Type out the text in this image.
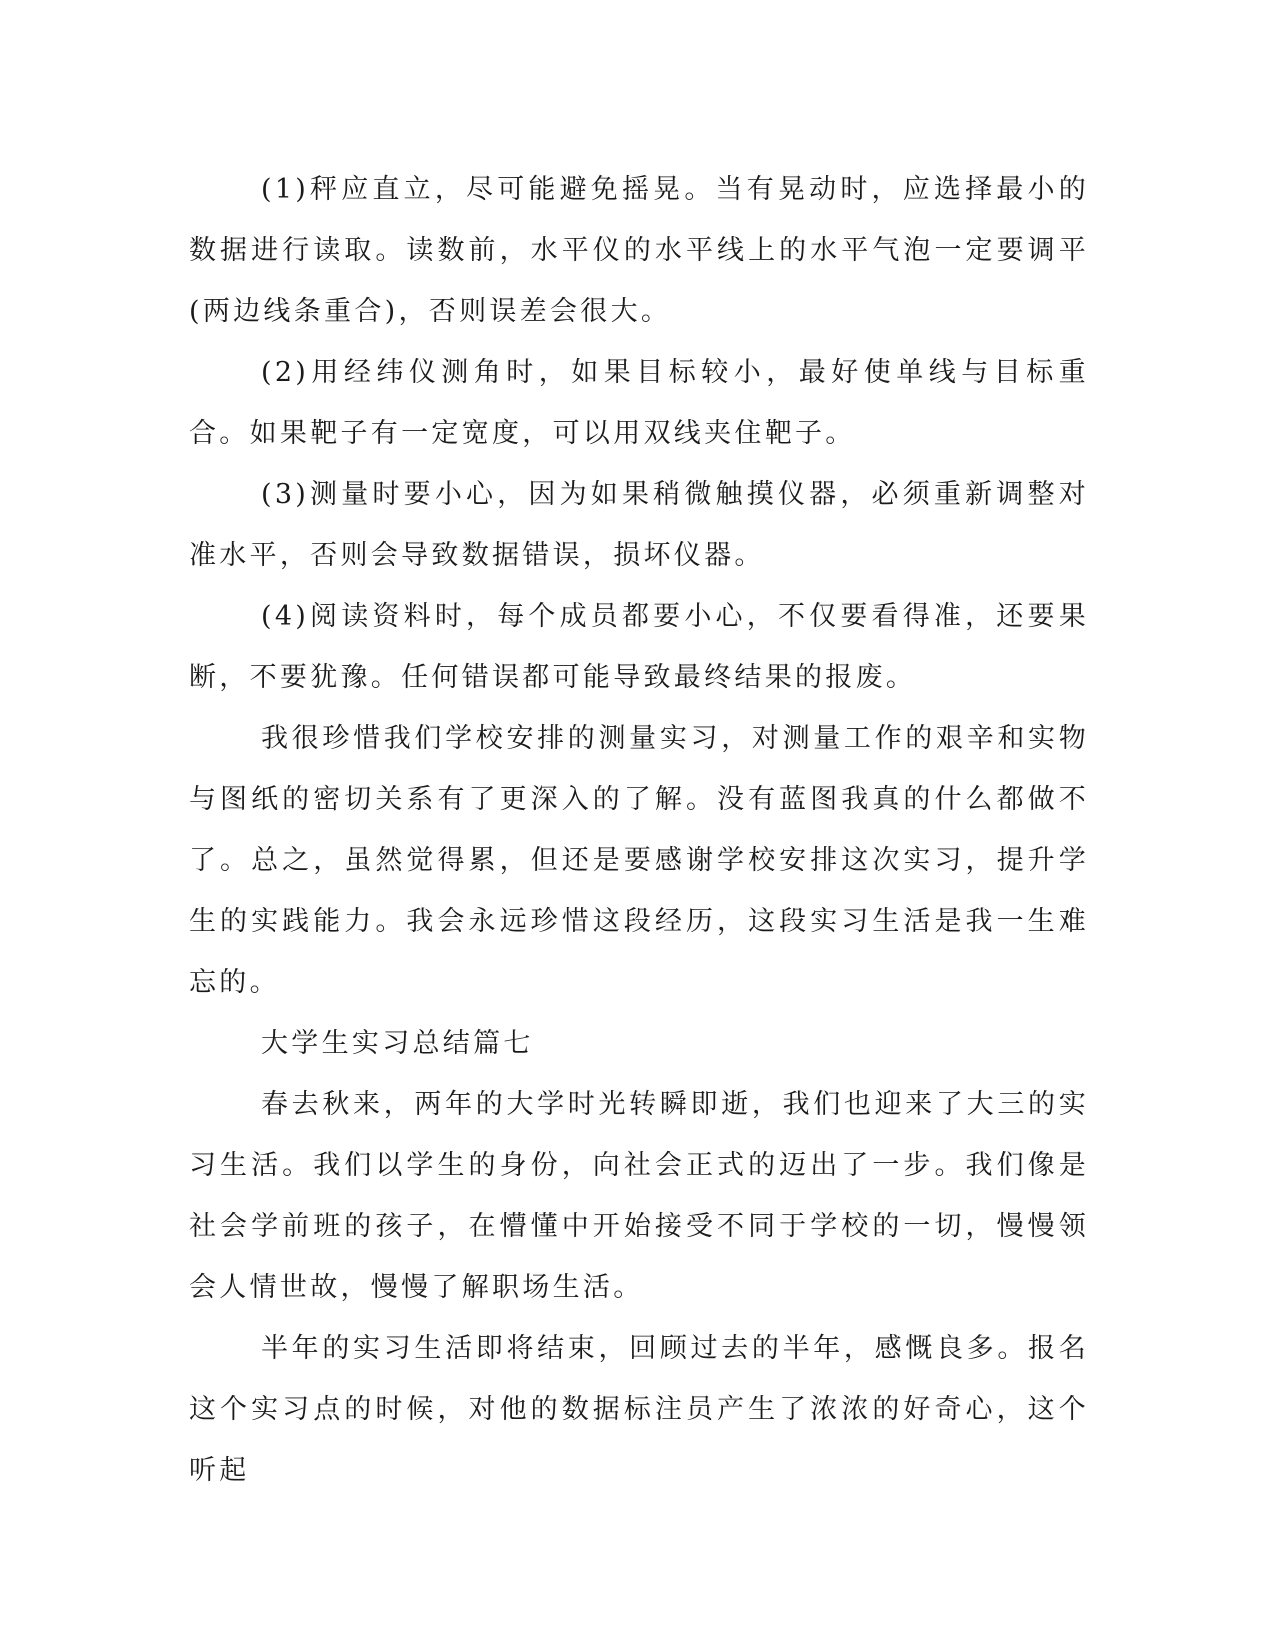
(1)秤应直立，尽可能避免摇晃。当有晃动时，应选择最小的数据进行读取。读数前，水平仪的水平线上的水平气泡一定要调平(两边线条重合)，否则误差会很大。

(2)用经纬仪测角时，如果目标较小，最好使单线与目标重合。如果靶子有一定宽度，可以用双线夹住靶子。

(3)测量时要小心，因为如果稍微触摸仪器，必须重新调整对准水平，否则会导致数据错误，损坏仪器。

(4)阅读资料时，每个成员都要小心，不仅要看得准，还要果断，不要犹豫。任何错误都可能导致最终结果的报废。

我很珍惜我们学校安排的测量实习，对测量工作的艰辛和实物与图纸的密切关系有了更深入的了解。没有蓝图我真的什么都做不了。总之，虽然觉得累，但还是要感谢学校安排这次实习，提升学生的实践能力。我会永远珍惜这段经历，这段实习生活是我一生难忘的。

大学生实习总结篇七

春去秋来，两年的大学时光转瞬即逝，我们也迎来了大三的实习生活。我们以学生的身份，向社会正式的迈出了一步。我们像是社会学前班的孩子，在懵懂中开始接受不同于学校的一切，慢慢领会人情世故，慢慢了解职场生活。

半年的实习生活即将结束，回顾过去的半年，感慨良多。报名这个实习点的时候，对他的数据标注员产生了浓浓的好奇心，这个听起
